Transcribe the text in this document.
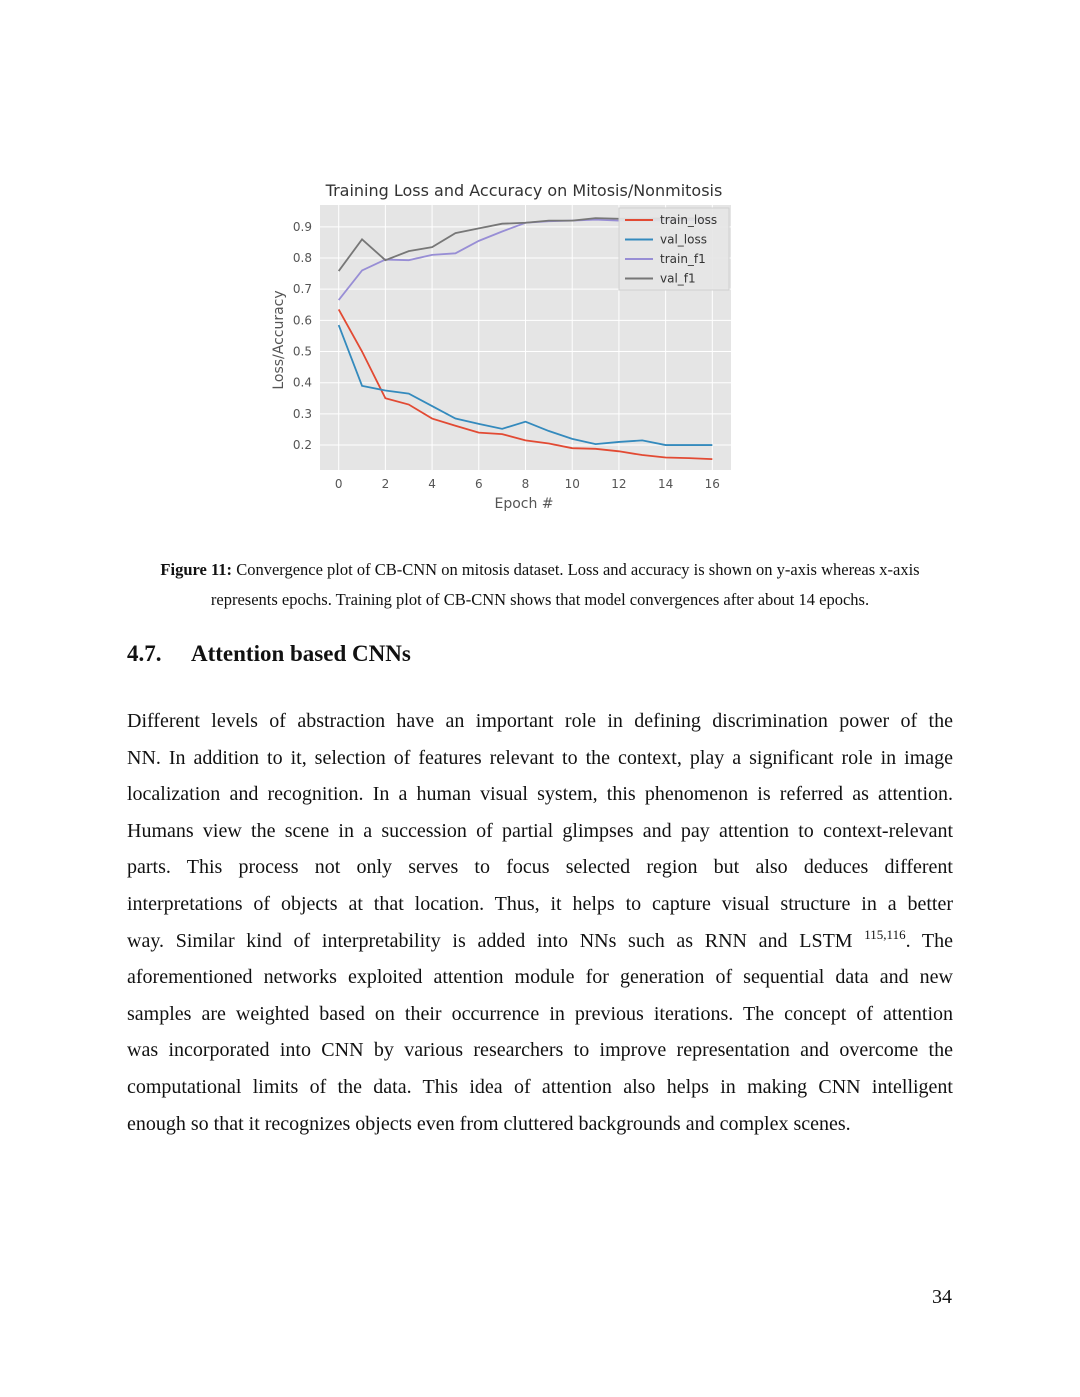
Training Loss and Accuracy on Mitosis/Nonmitosis
0	2	4	6	8	10	12	14	16
0.2
0.3
0.4
0.5
0.6
0.7
0.8
0.9	train_loss
val_loss
train_f1
val_f1
Epoch #
Loss/Accuracy
Figure 11: Convergence plot of CB-CNN on mitosis dataset. Loss and accuracy is shown on y-axis whereas x-axis
represents epochs. Training plot of CB-CNN shows that model convergences after about 14 epochs.
4.7. Attention based CNNs
Different levels of abstraction have an important role in defining discrimination power of the
NN. In addition to it, selection of features relevant to the context, play a significant role in image
localization and recognition. In a human visual system, this phenomenon is referred as attention.
Humans view the scene in a succession of partial glimpses and pay attention to context-relevant
parts. This process not only serves to focus selected region but also deduces different
interpretations of objects at that location. Thus, it helps to capture visual structure in a better
way. Similar kind of interpretability is added into NNs such as RNN and LSTM $^{115,116}$. The
aforementioned networks exploited attention module for generation of sequential data and new
samples are weighted based on their occurrence in previous iterations. The concept of attention
was incorporated into CNN by various researchers to improve representation and overcome the
computational limits of the data. This idea of attention also helps in making CNN intelligent
enough so that it recognizes objects even from cluttered backgrounds and complex scenes.
34
